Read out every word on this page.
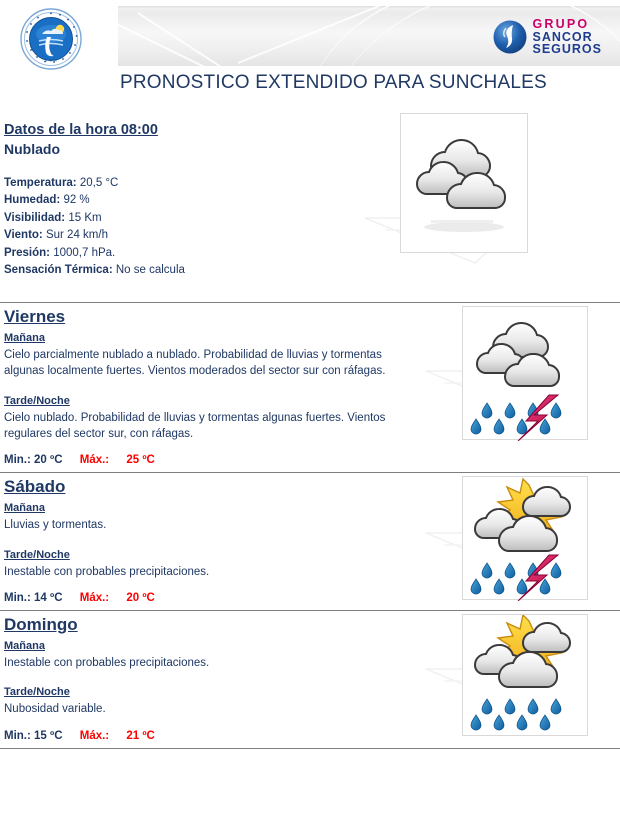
S M N
GRUPO
SANCOR
SEGUROS
PRONOSTICO EXTENDIDO PARA SUNCHALES
Datos de la hora 08:00
Nublado
Temperatura: 20,5 °C
Humedad: 92 %
Visibilidad: 15 Km
Viento: Sur 24 km/h
Presión: 1000,7 hPa.
Sensación Térmica: No se calcula
Viernes
Mañana
Cielo parcialmente nublado a nublado. Probabilidad de lluvias y tormentas algunas localmente fuertes. Vientos moderados del sector sur con ráfagas.
Tarde/Noche
Cielo nublado. Probabilidad de lluvias y tormentas algunas fuertes. Vientos regulares del sector sur, con ráfagas.
Min.: 20 ºC Máx.: 25 ºC
Sábado
Mañana
Lluvias y tormentas.
Tarde/Noche
Inestable con probables precipitaciones.
Min.: 14 ºC Máx.: 20 ºC
Domingo
Mañana
Inestable con probables precipitaciones.
Tarde/Noche
Nubosidad variable.
Min.: 15 ºC Máx.: 21 ºC
